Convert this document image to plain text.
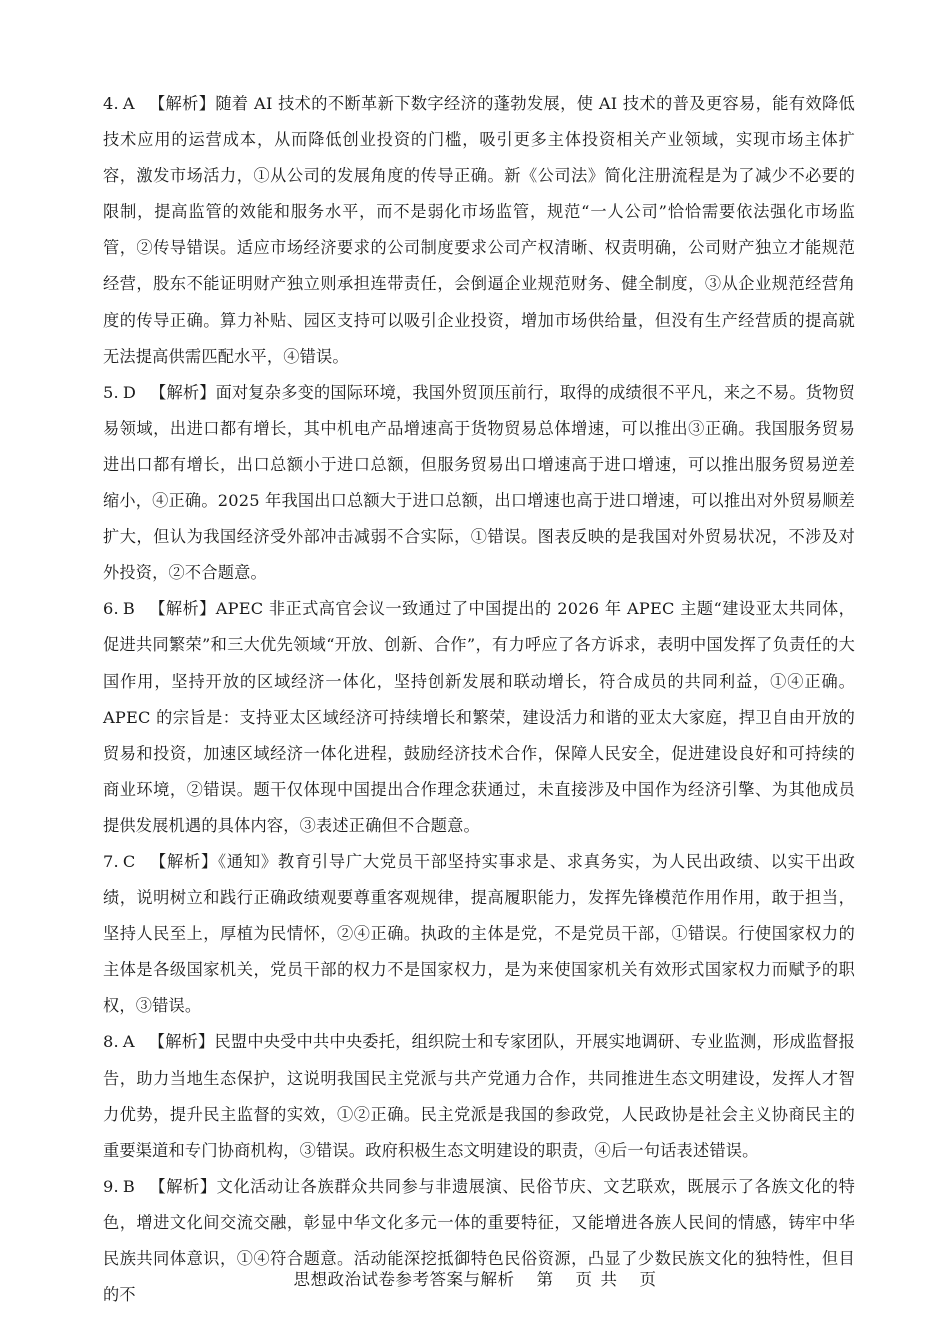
4. A 【解析】随着 AI 技术的不断革新下数字经济的蓬勃发展，使 AI 技术的普及更容易，能有效降低技术应用的运营成本，从而降低创业投资的门槛，吸引更多主体投资相关产业领域，实现市场主体扩容，激发市场活力，①从公司的发展角度的传导正确。新《公司法》简化注册流程是为了减少不必要的限制，提高监管的效能和服务水平，而不是弱化市场监管，规范“一人公司”恰恰需要依法强化市场监管，②传导错误。适应市场经济要求的公司制度要求公司产权清晰、权责明确，公司财产独立才能规范经营，股东不能证明财产独立则承担连带责任，会倒逼企业规范财务、健全制度，③从企业规范经营角度的传导正确。算力补贴、园区支持可以吸引企业投资，增加市场供给量，但没有生产经营质的提高就无法提高供需匹配水平，④错误。

5. D 【解析】面对复杂多变的国际环境，我国外贸顶压前行，取得的成绩很不平凡，来之不易。货物贸易领域，出进口都有增长，其中机电产品增速高于货物贸易总体增速，可以推出③正确。我国服务贸易进出口都有增长，出口总额小于进口总额，但服务贸易出口增速高于进口增速，可以推出服务贸易逆差缩小，④正确。2025 年我国出口总额大于进口总额，出口增速也高于进口增速，可以推出对外贸易顺差扩大，但认为我国经济受外部冲击减弱不合实际，①错误。图表反映的是我国对外贸易状况，不涉及对外投资，②不合题意。

6. B 【解析】APEC 非正式高官会议一致通过了中国提出的 2026 年 APEC 主题“建设亚太共同体，促进共同繁荣”和三大优先领域“开放、创新、合作”，有力呼应了各方诉求，表明中国发挥了负责任的大国作用，坚持开放的区域经济一体化，坚持创新发展和联动增长，符合成员的共同利益，①④正确。APEC 的宗旨是：支持亚太区域经济可持续增长和繁荣，建设活力和谐的亚太大家庭，捍卫自由开放的贸易和投资，加速区域经济一体化进程，鼓励经济技术合作，保障人民安全，促进建设良好和可持续的商业环境，②错误。题干仅体现中国提出合作理念获通过，未直接涉及中国作为经济引擎、为其他成员提供发展机遇的具体内容，③表述正确但不合题意。

7. C 【解析】《通知》教育引导广大党员干部坚持实事求是、求真务实，为人民出政绩、以实干出政绩，说明树立和践行正确政绩观要尊重客观规律，提高履职能力，发挥先锋模范作用作用，敢于担当，坚持人民至上，厚植为民情怀，②④正确。执政的主体是党，不是党员干部，①错误。行使国家权力的主体是各级国家机关，党员干部的权力不是国家权力，是为来使国家机关有效形式国家权力而赋予的职权，③错误。

8. A 【解析】民盟中央受中共中央委托，组织院士和专家团队，开展实地调研、专业监测，形成监督报告，助力当地生态保护，这说明我国民主党派与共产党通力合作，共同推进生态文明建设，发挥人才智力优势，提升民主监督的实效，①②正确。民主党派是我国的参政党，人民政协是社会主义协商民主的重要渠道和专门协商机构，③错误。政府积极生态文明建设的职责，④后一句话表述错误。

9. B 【解析】文化活动让各族群众共同参与非遗展演、民俗节庆、文艺联欢，既展示了各族文化的特色，增进文化间交流交融，彰显中华文化多元一体的重要特征，又能增进各族人民间的情感，铸牢中华民族共同体意识，①④符合题意。活动能深挖抵御特色民俗资源，凸显了少数民族文化的独特性，但目的不

思想政治试卷参考答案与解析 第 页 共 页
